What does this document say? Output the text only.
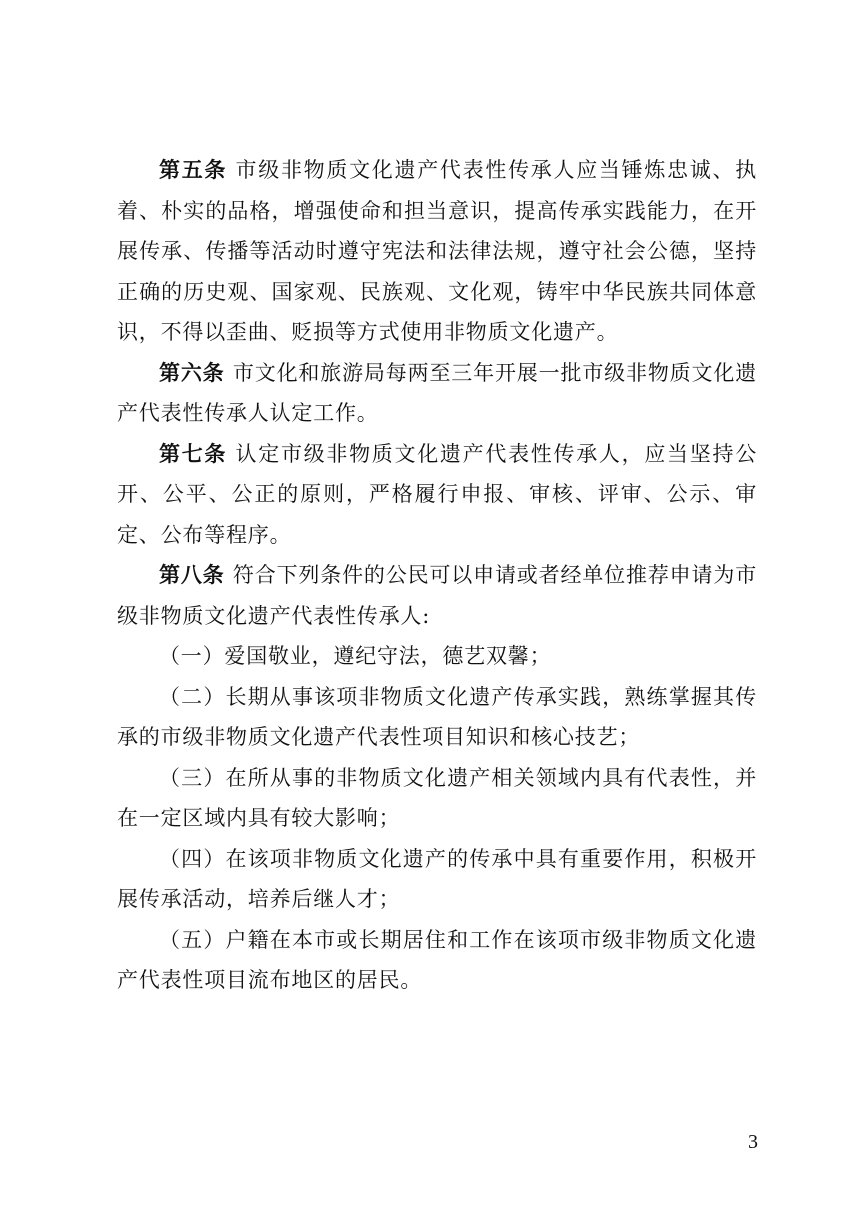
第五条 市级非物质文化遗产代表性传承人应当锤炼忠诚、执着、朴实的品格，增强使命和担当意识，提高传承实践能力，在开展传承、传播等活动时遵守宪法和法律法规，遵守社会公德，坚持正确的历史观、国家观、民族观、文化观，铸牢中华民族共同体意识，不得以歪曲、贬损等方式使用非物质文化遗产。

第六条 市文化和旅游局每两至三年开展一批市级非物质文化遗产代表性传承人认定工作。

第七条 认定市级非物质文化遗产代表性传承人，应当坚持公开、公平、公正的原则，严格履行申报、审核、评审、公示、审定、公布等程序。

第八条 符合下列条件的公民可以申请或者经单位推荐申请为市级非物质文化遗产代表性传承人:

（一）爱国敬业，遵纪守法，德艺双馨；

（二）长期从事该项非物质文化遗产传承实践，熟练掌握其传承的市级非物质文化遗产代表性项目知识和核心技艺；

（三）在所从事的非物质文化遗产相关领域内具有代表性，并在一定区域内具有较大影响；

（四）在该项非物质文化遗产的传承中具有重要作用，积极开展传承活动，培养后继人才；

（五）户籍在本市或长期居住和工作在该项市级非物质文化遗产代表性项目流布地区的居民。

3
